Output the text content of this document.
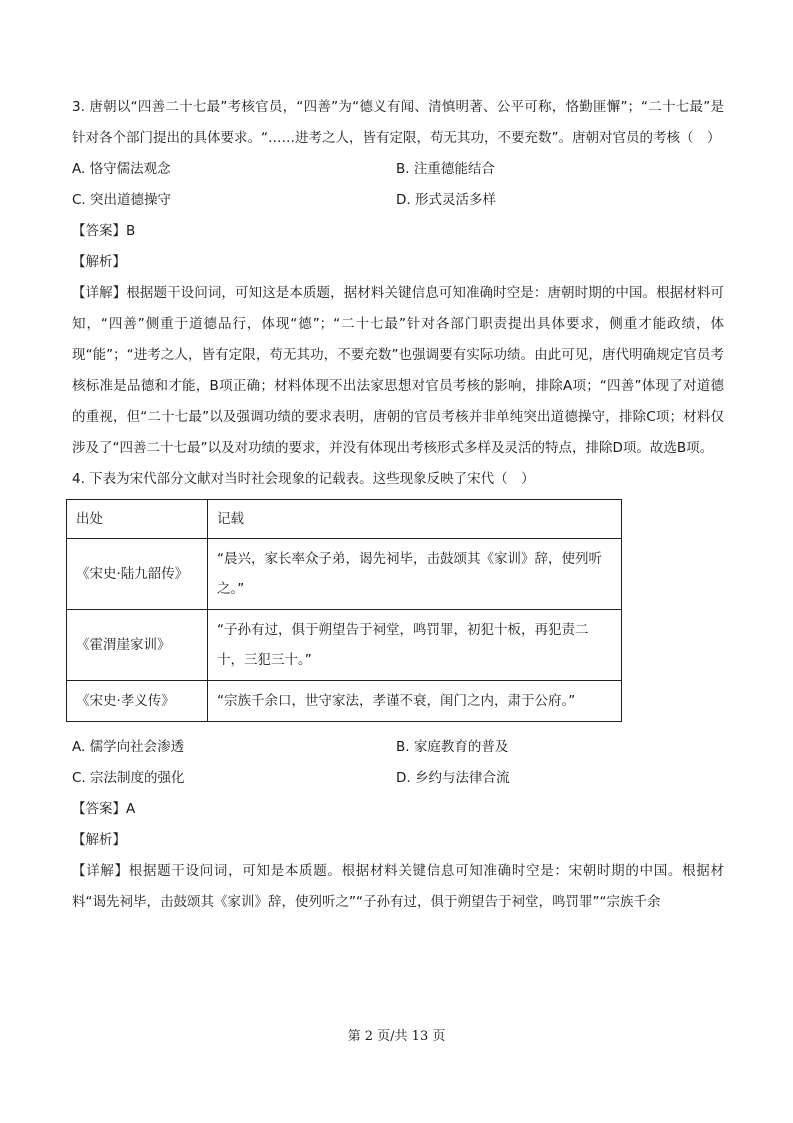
3. 唐朝以“四善二十七最”考核官员，“四善”为“德义有闻、清慎明著、公平可称，恪勤匪懈”；“二十七最”是针对各个部门提出的具体要求。“……进考之人，皆有定限，苟无其功，不要充数”。唐朝对官员的考核（　）
A. 恪守儒法观念	B. 注重德能结合
C. 突出道德操守	D. 形式灵活多样
【答案】B
【解析】
【详解】根据题干设问词，可知这是本质题，据材料关键信息可知准确时空是：唐朝时期的中国。根据材料可知，“四善”侧重于道德品行，体现“德”；“二十七最”针对各部门职责提出具体要求，侧重才能政绩，体现“能”；“进考之人，皆有定限，苟无其功，不要充数”也强调要有实际功绩。由此可见，唐代明确规定官员考核标准是品德和才能，B项正确；材料体现不出法家思想对官员考核的影响，排除A项；“四善”体现了对道德的重视，但“二十七最”以及强调功绩的要求表明，唐朝的官员考核并非单纯突出道德操守，排除C项；材料仅涉及了“四善二十七最”以及对功绩的要求，并没有体现出考核形式多样及灵活的特点，排除D项。故选B项。
4. 下表为宋代部分文献对当时社会现象的记载表。这些现象反映了宋代（　）
出处	记载
《宋史·陆九韶传》	“晨兴，家长率众子弟，谒先祠毕，击鼓颂其《家训》辞，使列听之。”
《霍渭崖家训》	“子孙有过，俱于朔望告于祠堂，鸣罚罪，初犯十板，再犯责二十，三犯三十。”
《宋史·孝义传》	“宗族千余口，世守家法，孝谨不衰，闺门之内，肃于公府。”
A. 儒学向社会渗透	B. 家庭教育的普及
C. 宗法制度的强化	D. 乡约与法律合流
【答案】A
【解析】
【详解】根据题干设问词，可知是本质题。根据材料关键信息可知准确时空是：宋朝时期的中国。根据材料“谒先祠毕，击鼓颂其《家训》辞，使列听之”“子孙有过，俱于朔望告于祠堂，鸣罚罪”“宗族千余
第 2 页/共 13 页
